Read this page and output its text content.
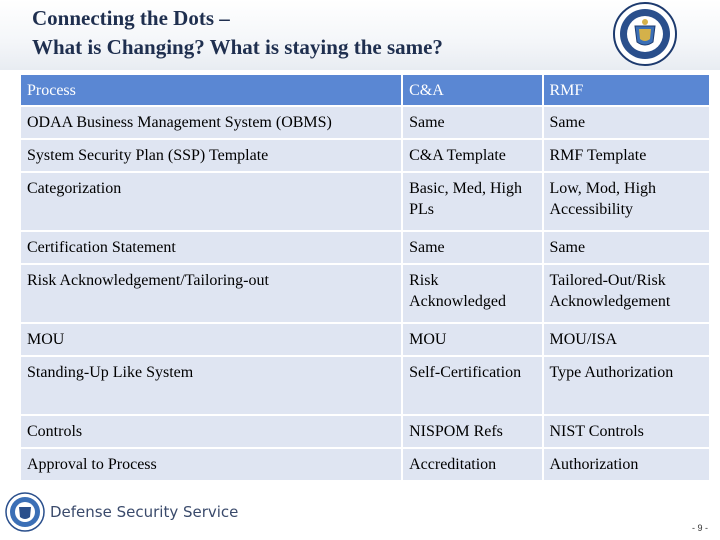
Connecting the Dots –
What is Changing? What is staying the same?
Process	C&A	RMF
ODAA Business Management System (OBMS)	Same	Same
System Security Plan (SSP) Template	C&A Template	RMF Template
Categorization	Basic, Med, High PLs	Low, Mod, High Accessibility
Certification Statement	Same	Same
Risk Acknowledgement/Tailoring-out	Risk Acknowledged	Tailored-Out/Risk Acknowledgement
MOU	MOU	MOU/ISA
Standing-Up Like System	Self-Certification	Type Authorization
Controls	NISPOM Refs	NIST Controls
Approval to Process	Accreditation	Authorization
Defense Security Service
- 9 -
